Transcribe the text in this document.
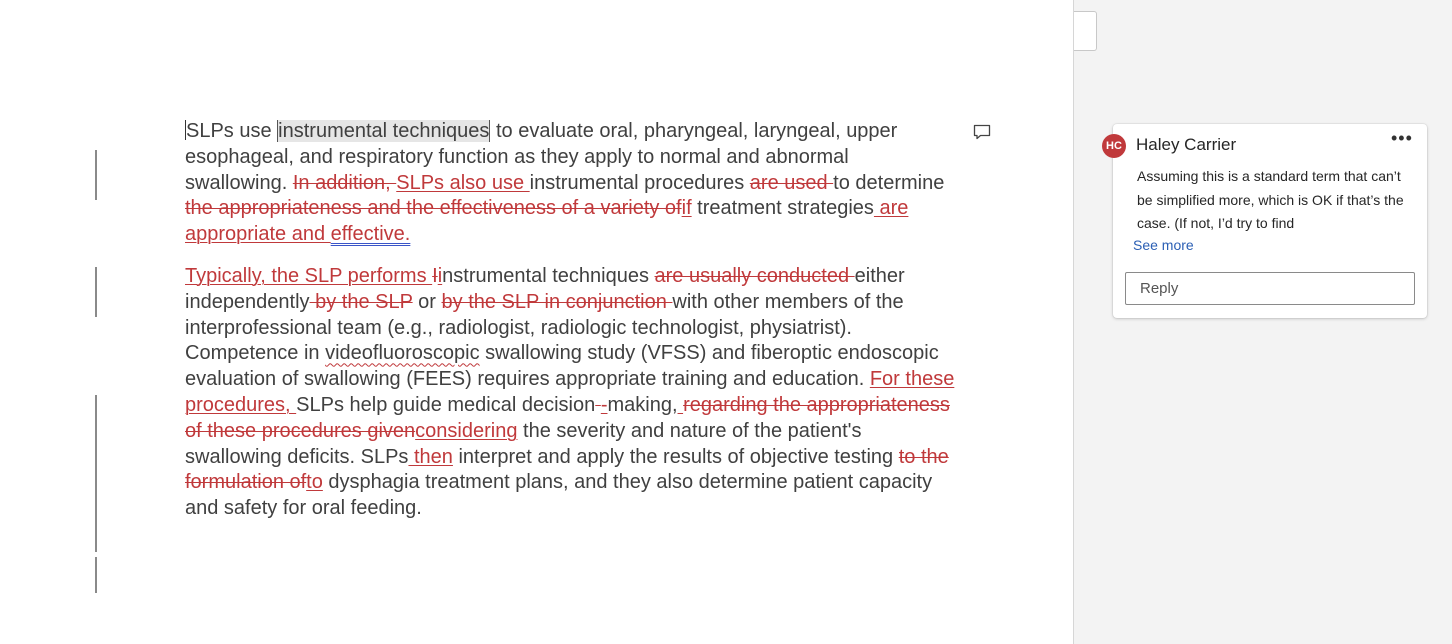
SLPs use instrumental techniques to evaluate oral, pharyngeal, laryngeal, upper esophageal, and respiratory function as they apply to normal and abnormal swallowing. In addition, SLPs also use instrumental procedures are used to determine the appropriateness and the effectiveness of a variety ofif treatment strategies are appropriate and effective.

Typically, the SLP performs Iinstrumental techniques are usually conducted either independently by the SLP or by the SLP in conjunction with other members of the interprofessional team (e.g., radiologist, radiologic technologist, physiatrist). Competence in videofluoroscopic swallowing study (VFSS) and fiberoptic endoscopic evaluation of swallowing (FEES) requires appropriate training and education. For these procedures, SLPs help guide medical decision -making, regarding the appropriateness of these procedures givenconsidering the severity and nature of the patient's swallowing deficits. SLPs then interpret and apply the results of objective testing to the formulation ofto dysphagia treatment plans, and they also determine patient capacity and safety for oral feeding.

HC Haley Carrier	•••
Assuming this is a standard term that can’t be simplified more, which is OK if that’s the case. (If not, I’d try to find
See more
Reply
